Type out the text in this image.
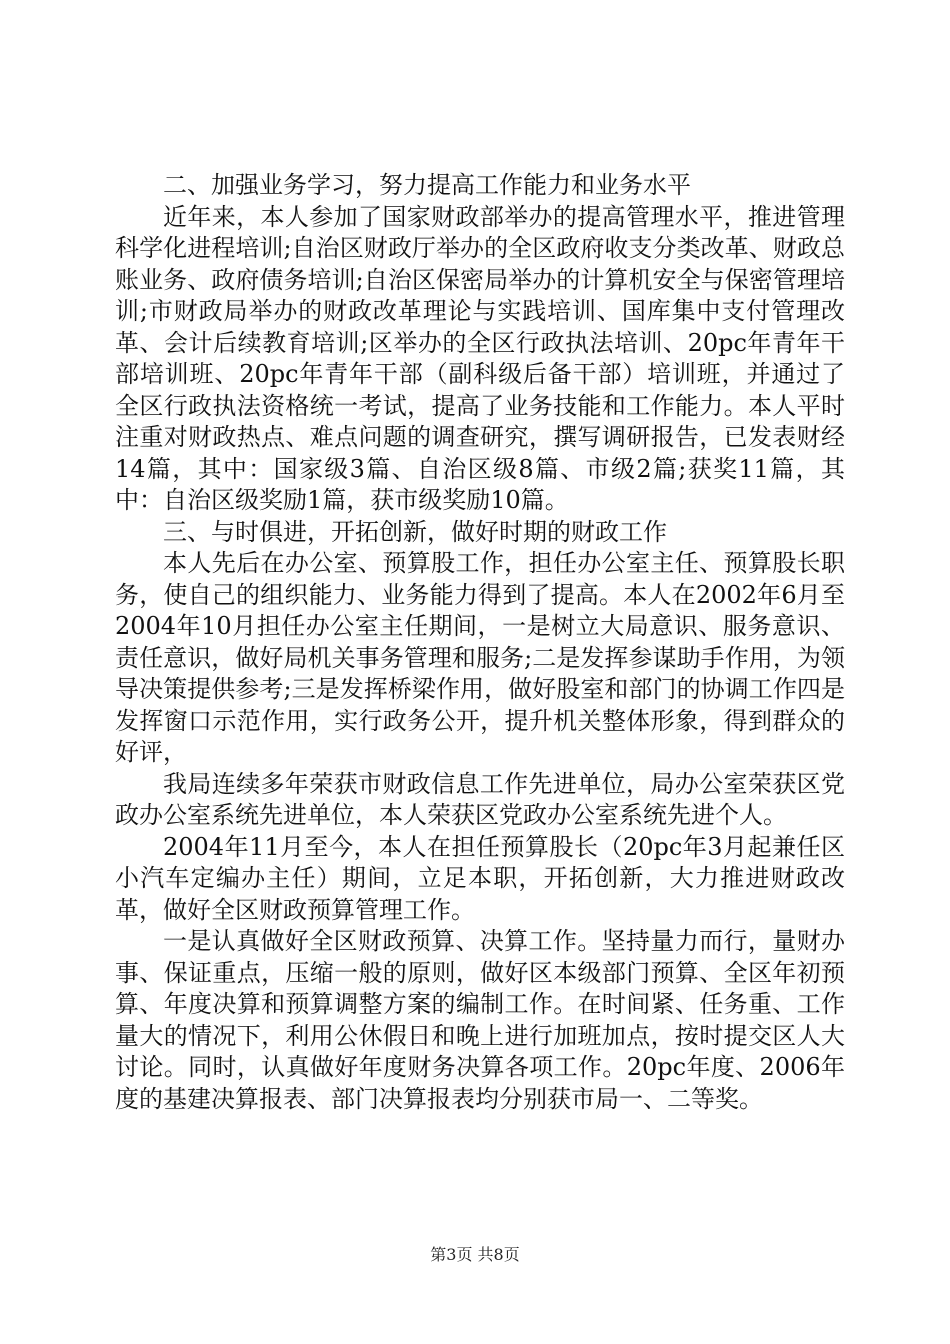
二、加强业务学习，努力提高工作能力和业务水平

近年来，本人参加了国家财政部举办的提高管理水平，推进管理科学化进程培训;自治区财政厅举办的全区政府收支分类改革、财政总账业务、政府债务培训;自治区保密局举办的计算机安全与保密管理培训;市财政局举办的财政改革理论与实践培训、国库集中支付管理改革、会计后续教育培训;区举办的全区行政执法培训、20pc年青年干部培训班、20pc年青年干部（副科级后备干部）培训班，并通过了全区行政执法资格统一考试，提高了业务技能和工作能力。本人平时注重对财政热点、难点问题的调查研究，撰写调研报告，已发表财经14篇，其中：国家级3篇、自治区级8篇、市级2篇;获奖11篇，其中：自治区级奖励1篇，获市级奖励10篇。

三、与时俱进，开拓创新，做好时期的财政工作

本人先后在办公室、预算股工作，担任办公室主任、预算股长职务，使自己的组织能力、业务能力得到了提高。本人在2002年6月至2004年10月担任办公室主任期间，一是树立大局意识、服务意识、责任意识，做好局机关事务管理和服务;二是发挥参谋助手作用，为领导决策提供参考;三是发挥桥梁作用，做好股室和部门的协调工作四是发挥窗口示范作用，实行政务公开，提升机关整体形象，得到群众的好评，

我局连续多年荣获市财政信息工作先进单位，局办公室荣获区党政办公室系统先进单位，本人荣获区党政办公室系统先进个人。

2004年11月至今，本人在担任预算股长（20pc年3月起兼任区小汽车定编办主任）期间，立足本职，开拓创新，大力推进财政改革，做好全区财政预算管理工作。

一是认真做好全区财政预算、决算工作。坚持量力而行，量财办事、保证重点，压缩一般的原则，做好区本级部门预算、全区年初预算、年度决算和预算调整方案的编制工作。在时间紧、任务重、工作量大的情况下，利用公休假日和晚上进行加班加点，按时提交区人大讨论。同时，认真做好年度财务决算各项工作。20pc年度、2006年度的基建决算报表、部门决算报表均分别获市局一、二等奖。

第3页 共8页
